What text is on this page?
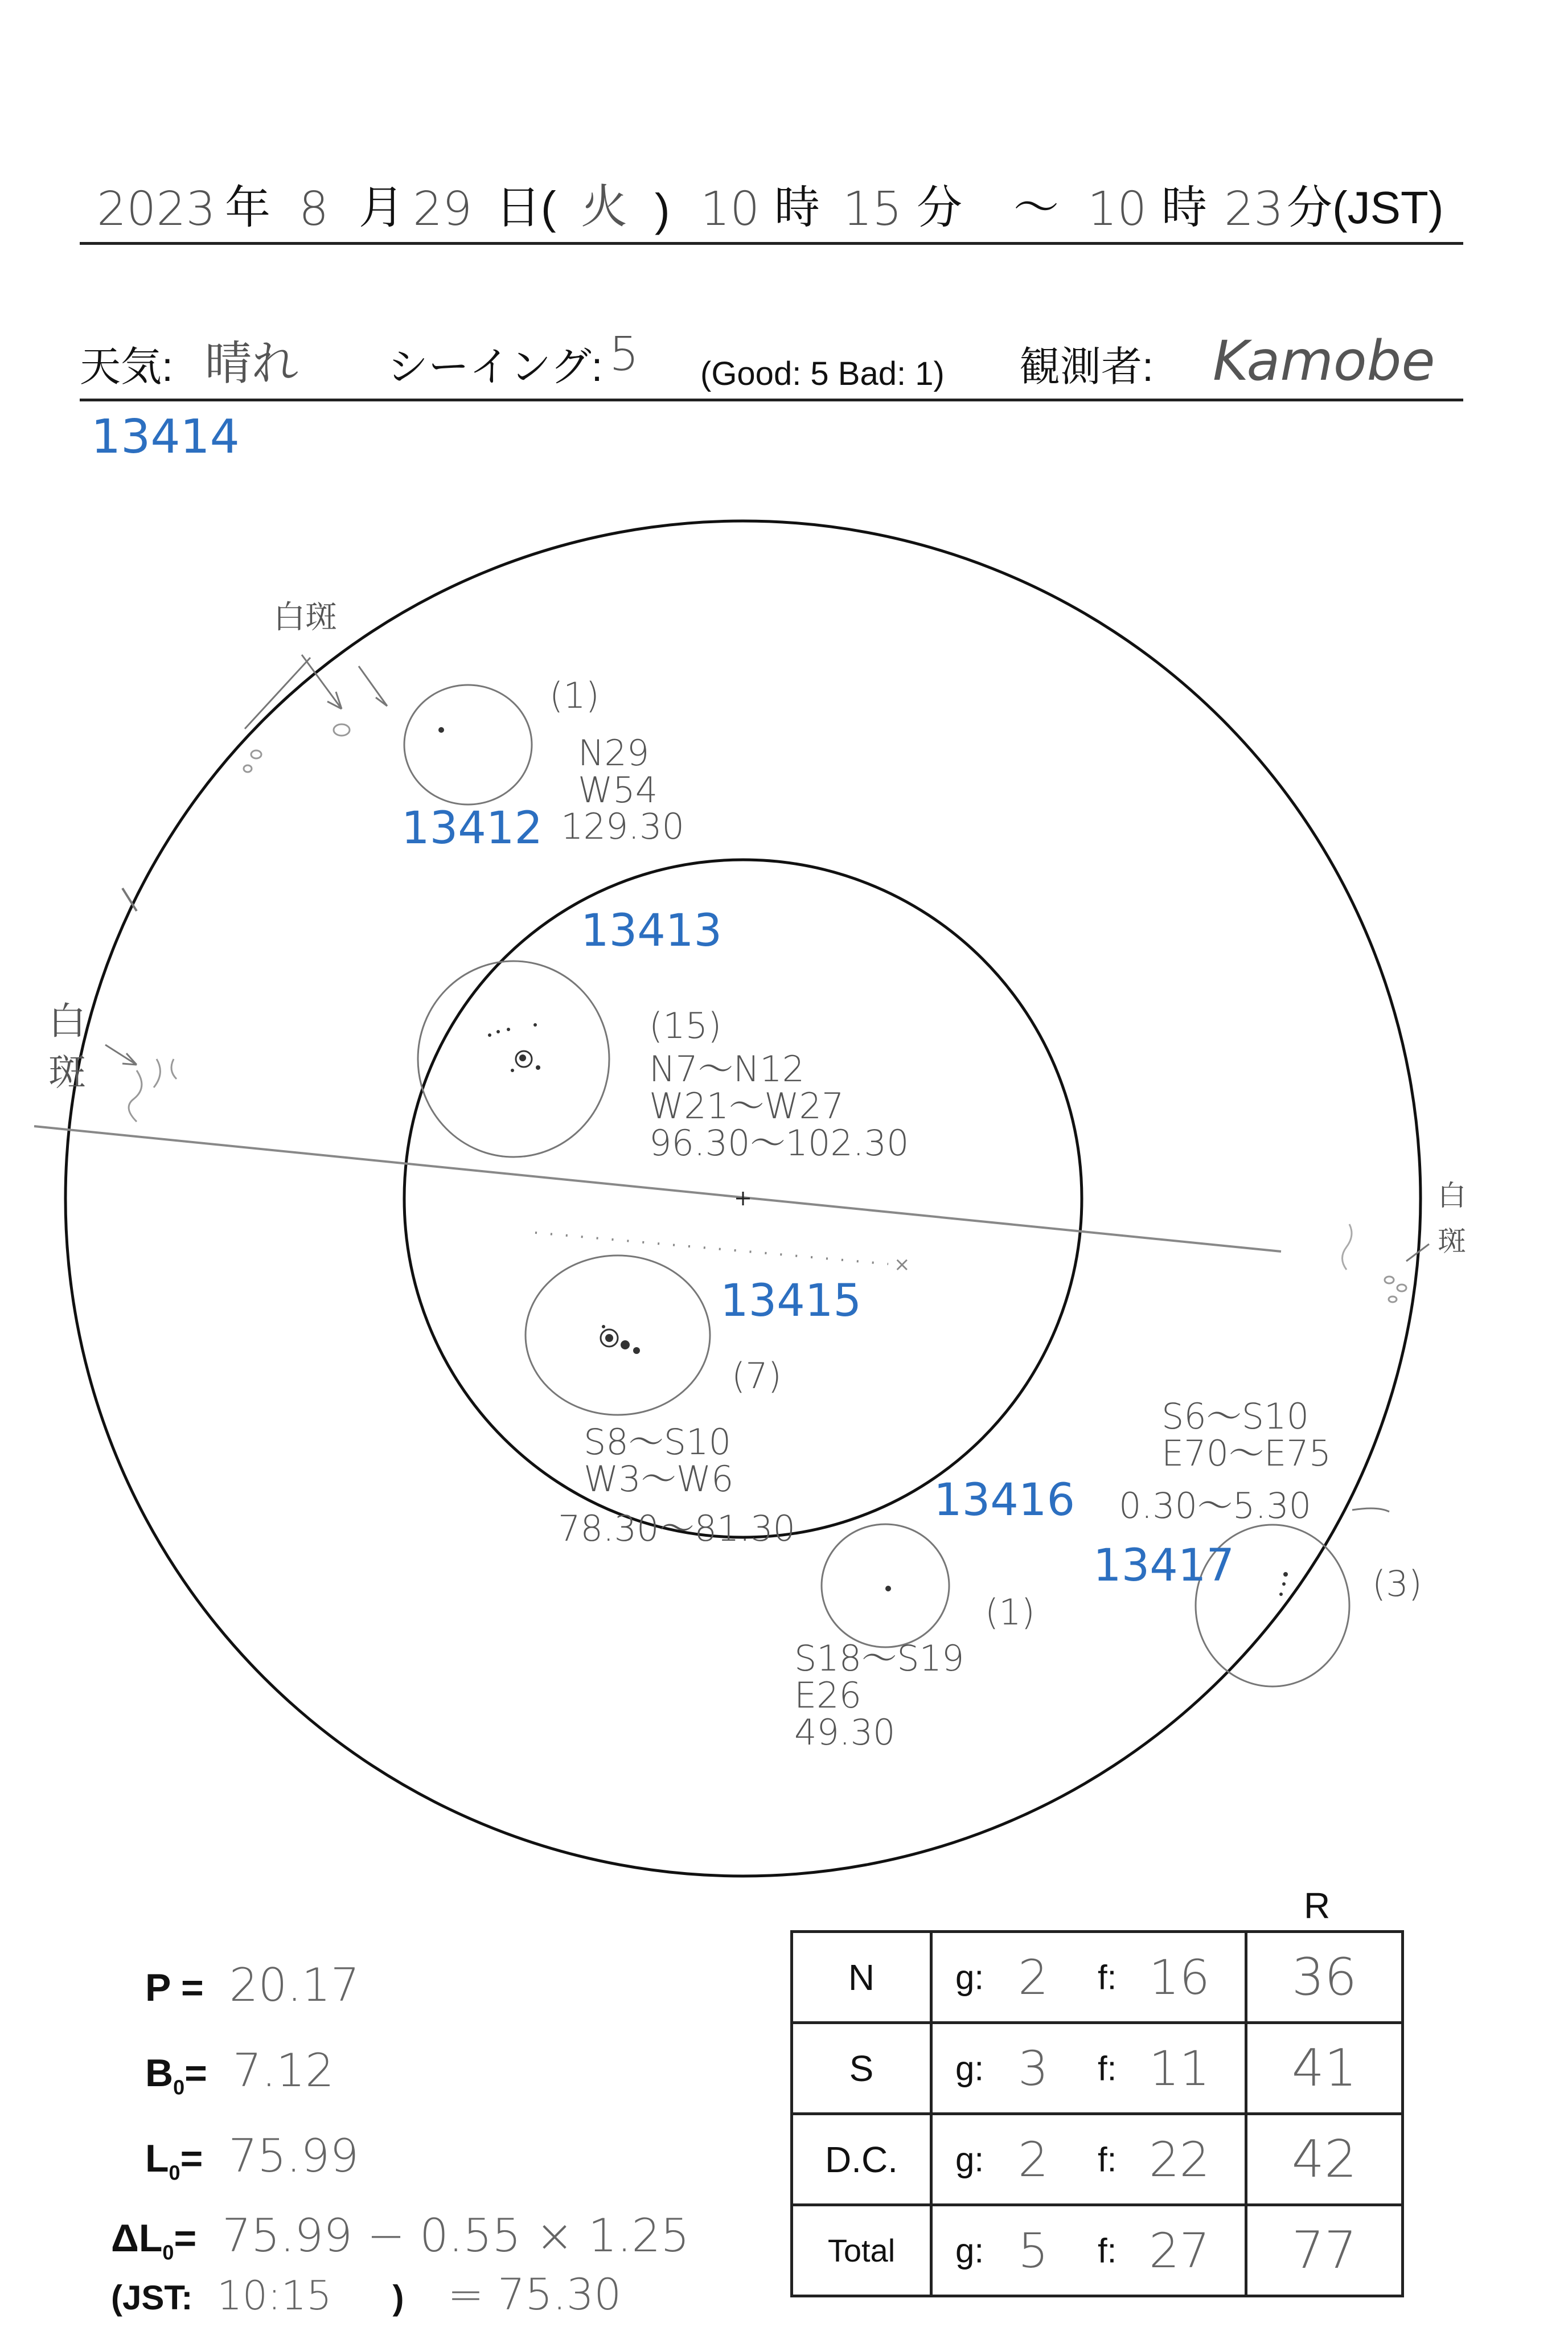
2023 年 8 月 29 日( 火 ) 10 時 15 分 ～ 10 時 23 分(JST)
天気: 晴れ シーイング: 5 (Good: 5 Bad: 1) 観測者: Kamobe
13414
×
白斑
白
斑
白
斑
(1)
N29
W54
129.30
13412
13413
(15)
N7～N12
W21～W27
96.30～102.30
13415
(7)
S8～S10
W3～W6
78.30～81.30
13416
(1)
S18～S19
E26
49.30
S6～S10
E70～E75
0.30～5.30
13417	(3)
P = 20.17
$B_0= 7.12$
$L_0= 75.99$
$\Delta L_0= 75.99 - 0.55 \times 1.25$
(JST: 10:15 ) = 75.30
R
N	g: 2 f: 16	36
S	g: 3 f: 11	41
D.C.	g: 2 f: 22	42
Total	g: 5 f: 27	77
